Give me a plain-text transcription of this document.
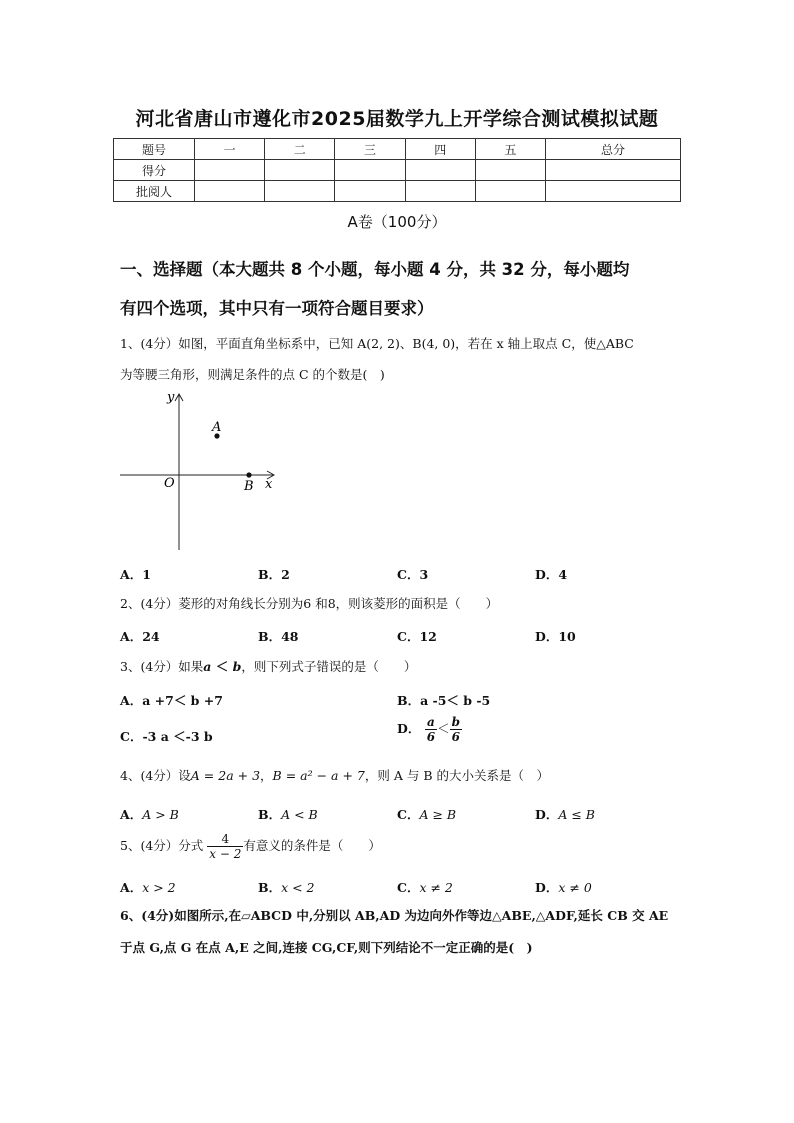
河北省唐山市遵化市2025届数学九上开学综合测试模拟试题
题号	一	二	三	四	五	总分
得分						
批阅人						
A卷（100分）
一、选择题（本大题共 8 个小题，每小题 4 分，共 32 分，每小题均
有四个选项，其中只有一项符合题目要求）
1、(4分）如图，平面直角坐标系中，已知 A(2, 2)、B(4, 0)，若在 x 轴上取点 C，使△ABC
为等腰三角形，则满足条件的点 C 的个数是(　)
y
x
O
A
B
A．1	B．2	C．3	D．4
2、(4分）菱形的对角线长分别为6 和8，则该菱形的面积是（　　）
A．24	B．48	C．12	D．10
3、(4分）如果a ＜ b，则下列式子错误的是（　　）
A．a +7＜ b +7	B．a -5＜ b -5
C．-3 a ＜-3 b
D． $\frac{a}{6} < \frac{b}{6}$
4、(4分）设A = 2a + 3，B = a² − a + 7，则 A 与 B 的大小关系是（　）
A．A > B	B．A < B	C．A ≥ B	D．A ≤ B
5、(4分）分式 $\frac{4}{x - 2}$ 有意义的条件是（　　）
A．x > 2	B．x < 2	C．x ≠ 2	D．x ≠ 0
6、(4分)如图所示,在▱ABCD 中,分别以 AB,AD 为边向外作等边△ABE,△ADF,延长 CB 交 AE
于点 G,点 G 在点 A,E 之间,连接 CG,CF,则下列结论不一定正确的是(　)
